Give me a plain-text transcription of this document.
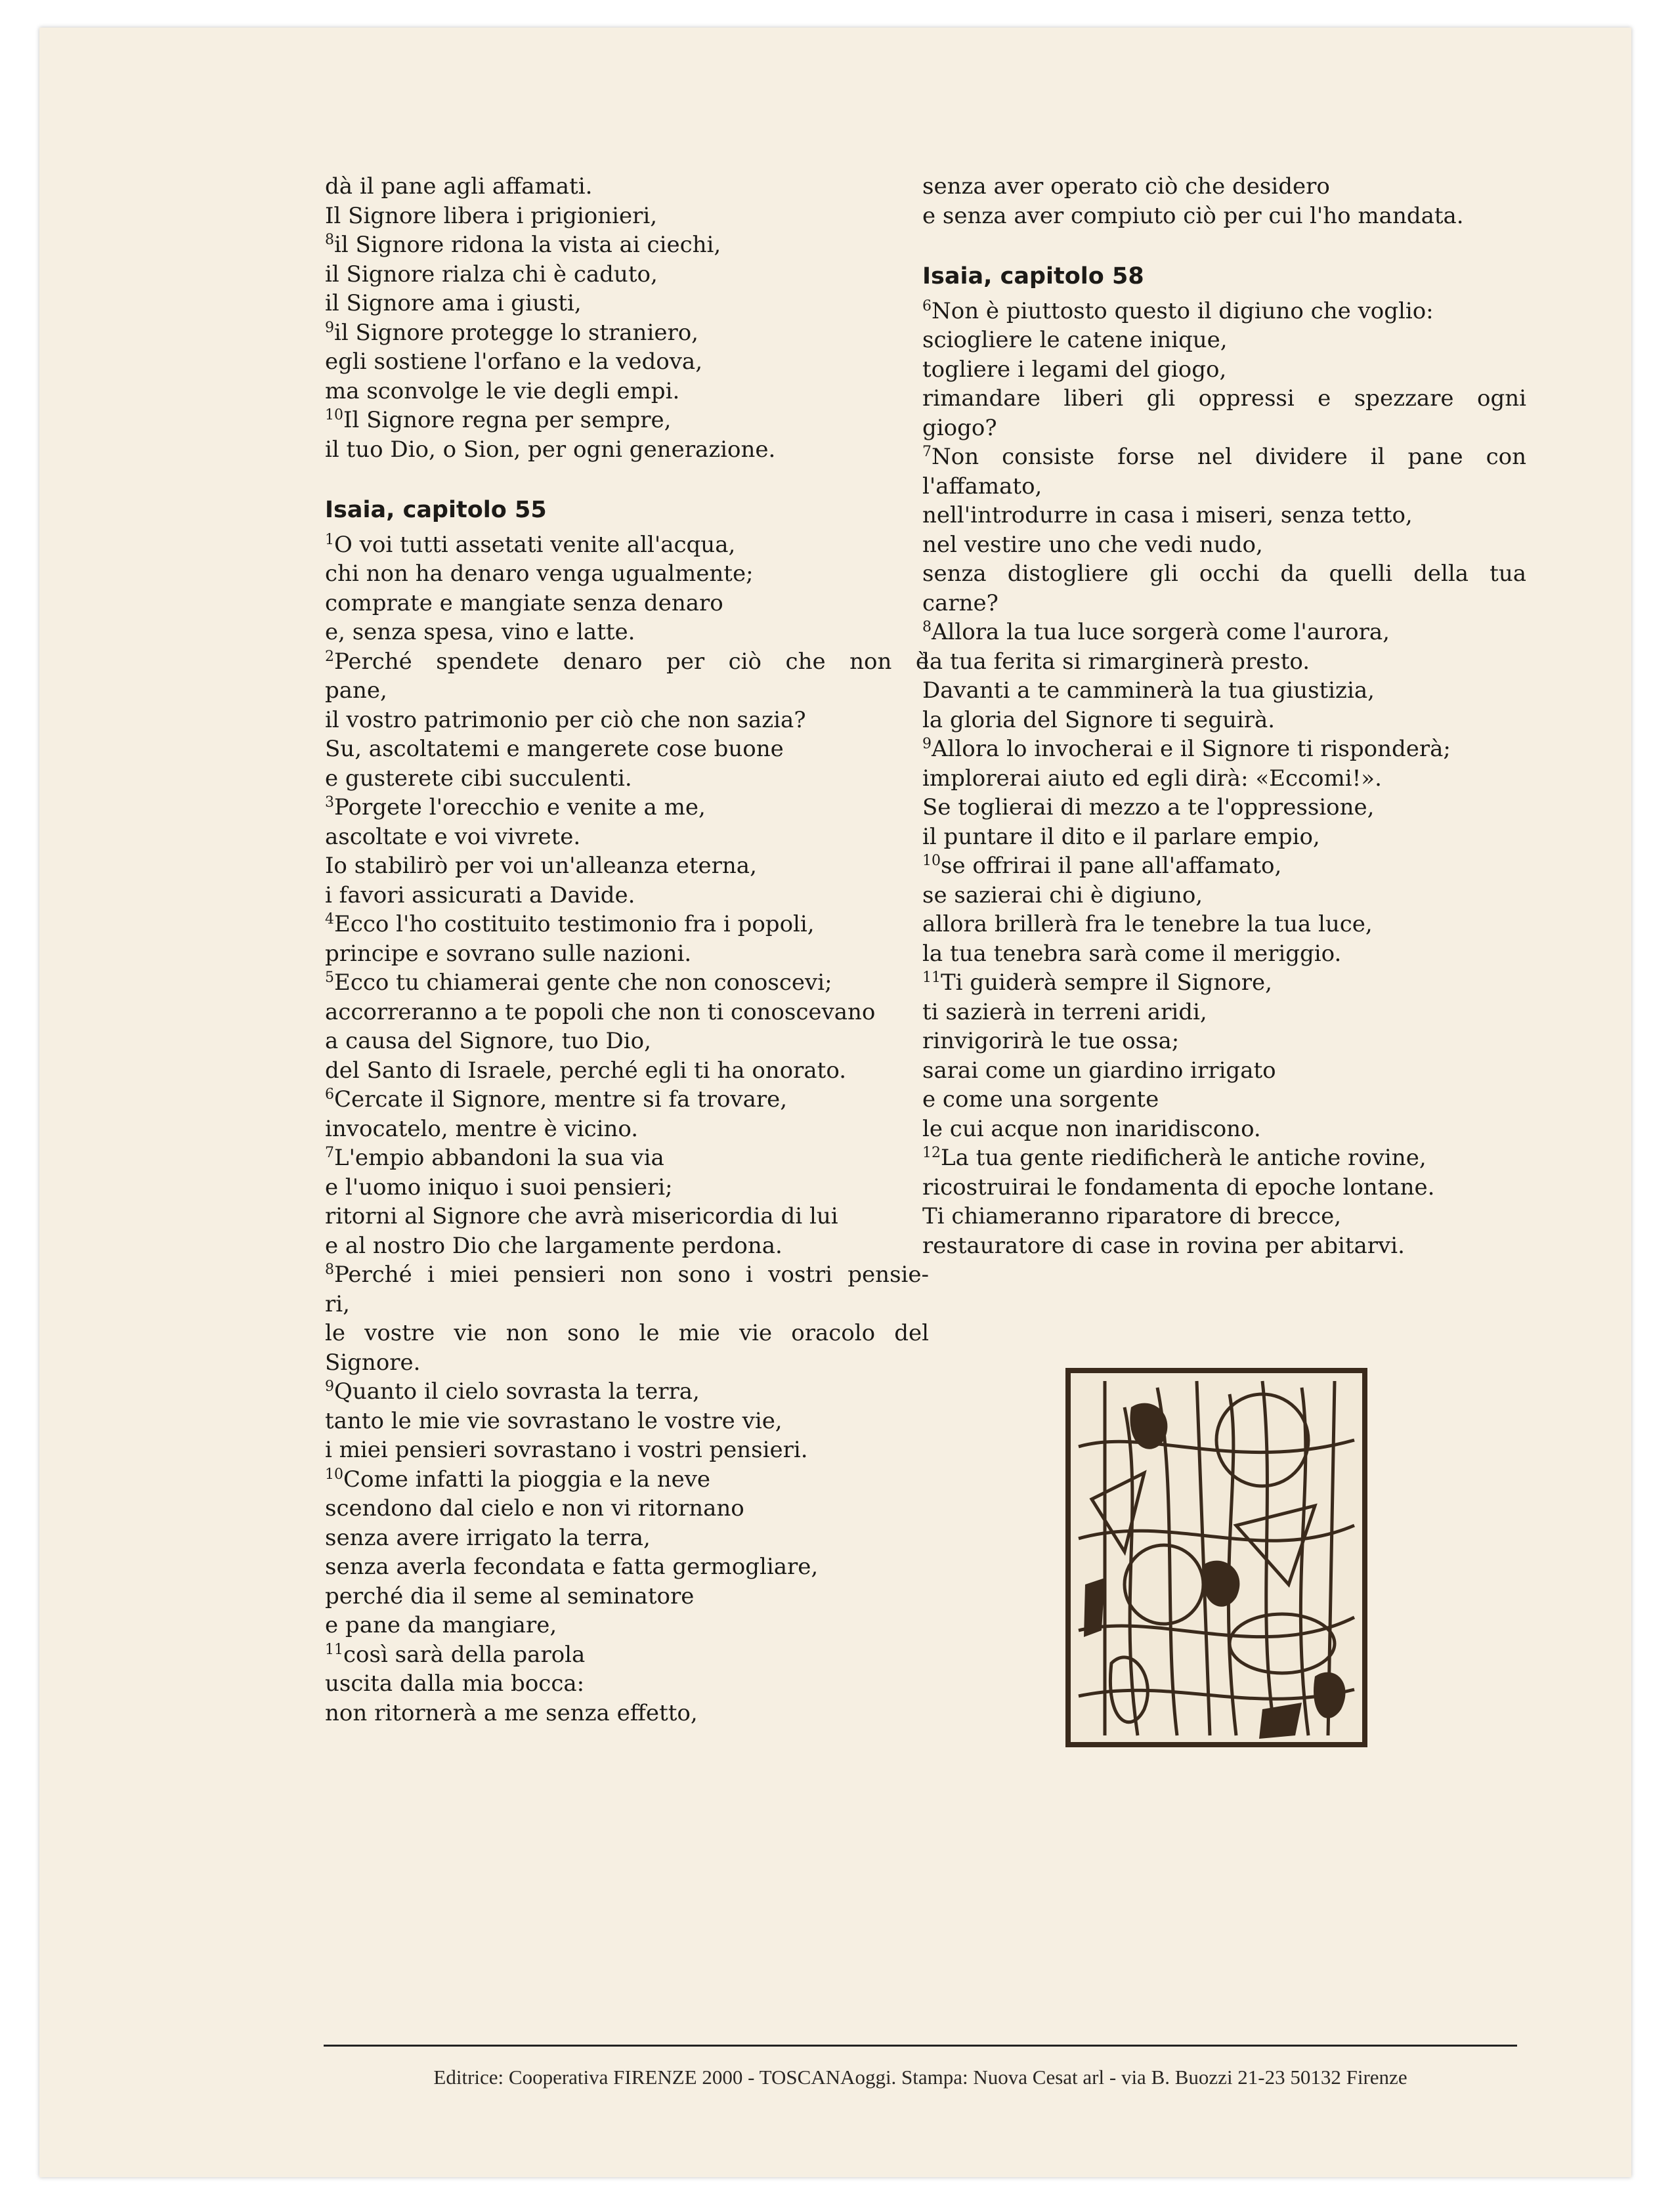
dà il pane agli affamati.
Il Signore libera i prigionieri,
$^8$il Signore ridona la vista ai ciechi,
il Signore rialza chi è caduto,
il Signore ama i giusti,
$^9$il Signore protegge lo straniero,
egli sostiene l'orfano e la vedova,
ma sconvolge le vie degli empi.
$^{10}$Il Signore regna per sempre,
il tuo Dio, o Sion, per ogni generazione.
Isaia, capitolo 55
$^1$O voi tutti assetati venite all'acqua,
chi non ha denaro venga ugualmente;
comprate e mangiate senza denaro
e, senza spesa, vino e latte.
$^2$Perché spendete denaro per ciò che non è
pane,
il vostro patrimonio per ciò che non sazia?
Su, ascoltatemi e mangerete cose buone
e gusterete cibi succulenti.
$^3$Porgete l'orecchio e venite a me,
ascoltate e voi vivrete.
Io stabilirò per voi un'alleanza eterna,
i favori assicurati a Davide.
$^4$Ecco l'ho costituito testimonio fra i popoli,
principe e sovrano sulle nazioni.
$^5$Ecco tu chiamerai gente che non conoscevi;
accorreranno a te popoli che non ti conoscevano
a causa del Signore, tuo Dio,
del Santo di Israele, perché egli ti ha onorato.
$^6$Cercate il Signore, mentre si fa trovare,
invocatelo, mentre è vicino.
$^7$L'empio abbandoni la sua via
e l'uomo iniquo i suoi pensieri;
ritorni al Signore che avrà misericordia di lui
e al nostro Dio che largamente perdona.
$^8$Perché i miei pensieri non sono i vostri pensie-
ri,
le vostre vie non sono le mie vie oracolo del
Signore.
$^9$Quanto il cielo sovrasta la terra,
tanto le mie vie sovrastano le vostre vie,
i miei pensieri sovrastano i vostri pensieri.
$^{10}$Come infatti la pioggia e la neve
scendono dal cielo e non vi ritornano
senza avere irrigato la terra,
senza averla fecondata e fatta germogliare,
perché dia il seme al seminatore
e pane da mangiare,
$^{11}$così sarà della parola
uscita dalla mia bocca:
non ritornerà a me senza effetto,
senza aver operato ciò che desidero
e senza aver compiuto ciò per cui l'ho mandata.
Isaia, capitolo 58
$^6$Non è piuttosto questo il digiuno che voglio:
sciogliere le catene inique,
togliere i legami del giogo,
rimandare liberi gli oppressi e spezzare ogni
giogo?
$^7$Non consiste forse nel dividere il pane con
l'affamato,
nell'introdurre in casa i miseri, senza tetto,
nel vestire uno che vedi nudo,
senza distogliere gli occhi da quelli della tua
carne?
$^8$Allora la tua luce sorgerà come l'aurora,
la tua ferita si rimarginerà presto.
Davanti a te camminerà la tua giustizia,
la gloria del Signore ti seguirà.
$^9$Allora lo invocherai e il Signore ti risponderà;
implorerai aiuto ed egli dirà: «Eccomi!».
Se toglierai di mezzo a te l'oppressione,
il puntare il dito e il parlare empio,
$^{10}$se offrirai il pane all'affamato,
se sazierai chi è digiuno,
allora brillerà fra le tenebre la tua luce,
la tua tenebra sarà come il meriggio.
$^{11}$Ti guiderà sempre il Signore,
ti sazierà in terreni aridi,
rinvigorirà le tue ossa;
sarai come un giardino irrigato
e come una sorgente
le cui acque non inaridiscono.
$^{12}$La tua gente riedificherà le antiche rovine,
ricostruirai le fondamenta di epoche lontane.
Ti chiameranno riparatore di brecce,
restauratore di case in rovina per abitarvi.
Editrice: Cooperativa FIRENZE 2000 - TOSCANAoggi. Stampa: Nuova Cesat arl - via B. Buozzi 21-23 50132 Firenze
